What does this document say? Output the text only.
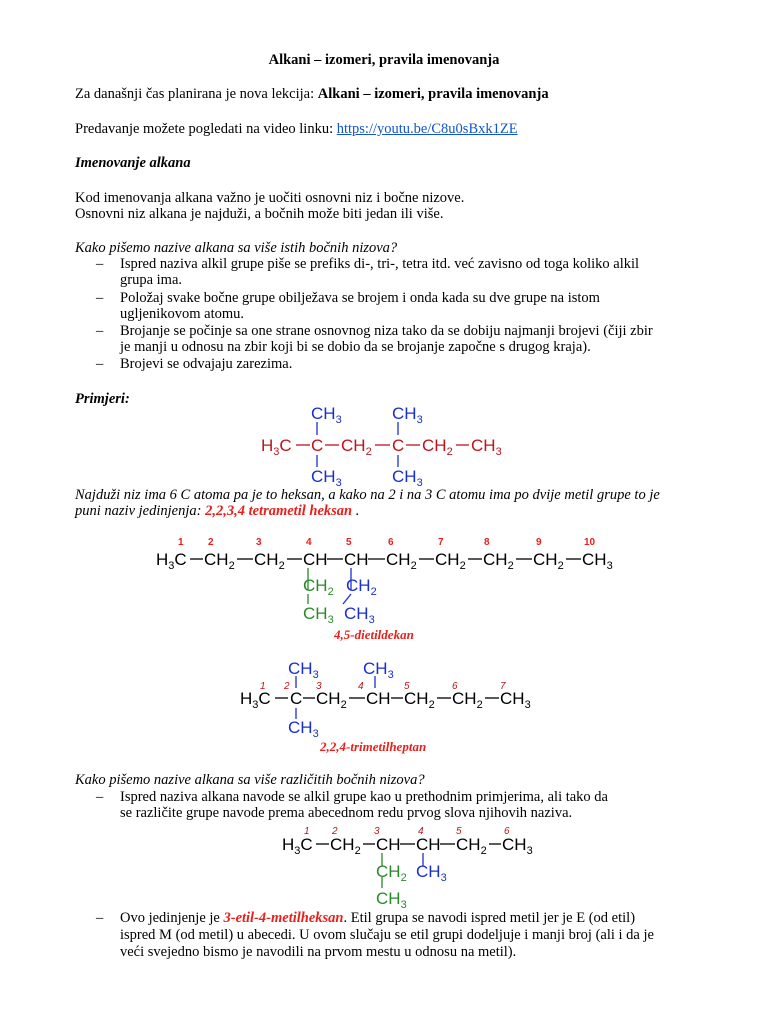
Alkani – izomeri, pravila imenovanja
Za današnji čas planirana je nova lekcija: Alkani – izomeri, pravila imenovanja
Predavanje možete pogledati na video linku: https://youtu.be/C8u0sBxk1ZE
Imenovanje alkana
Kod imenovanja alkana važno je uočiti osnovni niz i bočne nizove.
Osnovni niz alkana je najduži, a bočnih može biti jedan ili više.
Kako pišemo nazive alkana sa više istih bočnih nizova?
– Ispred naziva alkil grupe piše se prefiks di-, tri-, tetra itd. već zavisno od toga koliko alkil
grupa ima.
– Položaj svake bočne grupe obilježava se brojem i onda kada su dve grupe na istom
ugljenikovom atomu.
– Brojanje se počinje sa one strane osnovnog niza tako da se dobiju najmanji brojevi (čiji zbir
je manji u odnosu na zbir koji bi se dobio da se brojanje započne s drugog kraja).
– Brojevi se odvajaju zarezima.
Primjeri:
$H_3C$ C $CH_2$ C $CH_2$ $CH_3$
$CH_3$
$CH_3$
$CH_3$
$CH_3$
Najduži niz ima 6 C atoma pa je to heksan, a kako na 2 i na 3 C atomu ima po dvije metil grupe to je
puni naziv jedinjenja: 2,2,3,4 tetrametil heksan .
1 2	3	4	5	6	7	8	9	10
$H_3C$ $CH_2$ $CH_2$ CH CH $CH_2$ $CH_2$ $CH_2$ $CH_2$ $CH_3$
$CH_2$
$CH_3$
$CH_2$
$CH_3$
4,5-dietildekan
1 2	3	4	5	6	7
$H_3C$ C $CH_2$ CH $CH_2$ $CH_2$ $CH_3$
$CH_3$
$CH_3$
$CH_3$
2,2,4-trimetilheptan
Kako pišemo nazive alkana sa više različitih bočnih nizova?
– Ispred naziva alkana navode se alkil grupe kao u prethodnim primjerima, ali tako da
se različite grupe navode prema abecednom redu prvog slova njihovih naziva.
1 2	3	4	5	6
$H_3C$ $CH_2$ CH CH $CH_2$ $CH_3$
$CH_2$
$CH_3$
$CH_3$
– Ovo jedinjenje je 3-etil-4-metilheksan. Etil grupa se navodi ispred metil jer je E (od etil)
ispred M (od metil) u abecedi. U ovom slučaju se etil grupi dodeljuje i manji broj (ali i da je
veći svejedno bismo je navodili na prvom mestu u odnosu na metil).
